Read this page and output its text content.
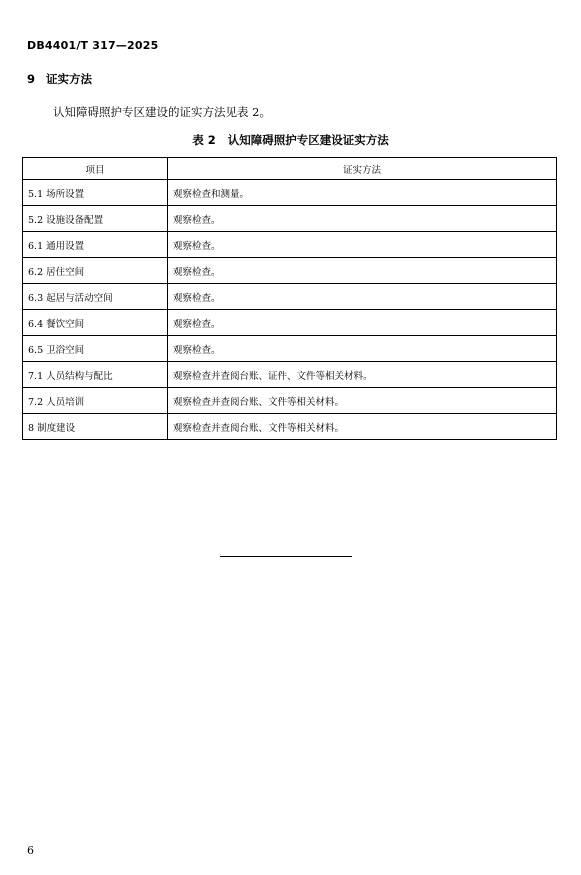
DB4401/T 317—2025
9 证实方法
认知障碍照护专区建设的证实方法见表 2。
表 2 认知障碍照护专区建设证实方法
项目	证实方法
5.1 场所设置	观察检查和测量。
5.2 设施设备配置	观察检查。
6.1 通用设置	观察检查。
6.2 居住空间	观察检查。
6.3 起居与活动空间	观察检查。
6.4 餐饮空间	观察检查。
6.5 卫浴空间	观察检查。
7.1 人员结构与配比	观察检查并查阅台账、证件、文件等相关材料。
7.2 人员培训	观察检查并查阅台账、文件等相关材料。
8 制度建设	观察检查并查阅台账、文件等相关材料。
6
